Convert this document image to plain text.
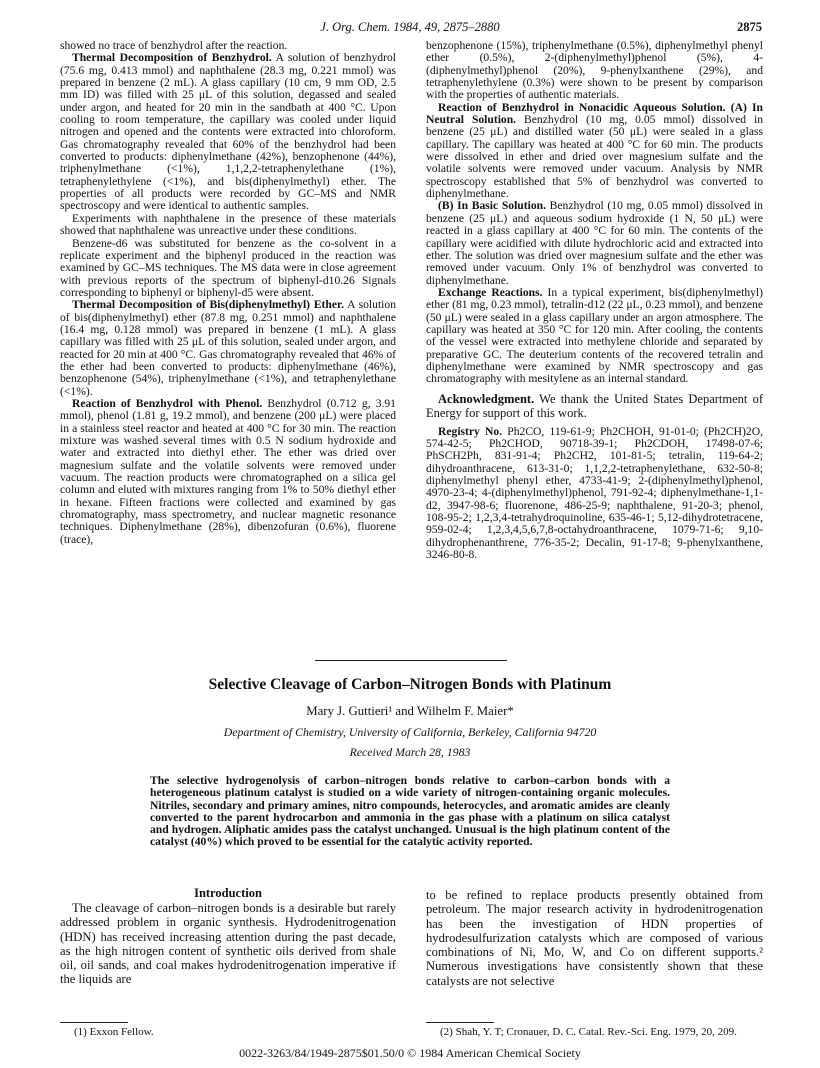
J. Org. Chem. 1984, 49, 2875–2880	2875

showed no trace of benzhydrol after the reaction.

Thermal Decomposition of Benzhydrol. A solution of benzhydrol (75.6 mg, 0.413 mmol) and naphthalene (28.3 mg, 0.221 mmol) was prepared in benzene (2 mL). A glass capillary (10 cm, 9 mm OD, 2.5 mm ID) was filled with 25 μL of this solution, degassed and sealed under argon, and heated for 20 min in the sandbath at 400 °C. Upon cooling to room temperature, the capillary was cooled under liquid nitrogen and opened and the contents were extracted into chloroform. Gas chromatography revealed that 60% of the benzhydrol had been converted to products: diphenylmethane (42%), benzophenone (44%), triphenylmethane (<1%), 1,1,2,2-tetraphenylethane (1%), tetraphenylethylene (<1%), and bis(diphenylmethyl) ether. The properties of all products were recorded by GC–MS and NMR spectroscopy and were identical to authentic samples.

Experiments with naphthalene in the presence of these materials showed that naphthalene was unreactive under these conditions.

Benzene-d6 was substituted for benzene as the co-solvent in a replicate experiment and the biphenyl produced in the reaction was examined by GC–MS techniques. The MS data were in close agreement with previous reports of the spectrum of biphenyl-d10.26 Signals corresponding to biphenyl or biphenyl-d5 were absent.

Thermal Decomposition of Bis(diphenylmethyl) Ether. A solution of bis(diphenylmethyl) ether (87.8 mg, 0.251 mmol) and naphthalene (16.4 mg, 0.128 mmol) was prepared in benzene (1 mL). A glass capillary was filled with 25 μL of this solution, sealed under argon, and reacted for 20 min at 400 °C. Gas chromatography revealed that 46% of the ether had been converted to products: diphenylmethane (46%), benzophenone (54%), triphenylmethane (<1%), and tetraphenylethane (<1%).

Reaction of Benzhydrol with Phenol. Benzhydrol (0.712 g, 3.91 mmol), phenol (1.81 g, 19.2 mmol), and benzene (200 μL) were placed in a stainless steel reactor and heated at 400 °C for 30 min. The reaction mixture was washed several times with 0.5 N sodium hydroxide and water and extracted into diethyl ether. The ether was dried over magnesium sulfate and the volatile solvents were removed under vacuum. The reaction products were chromatographed on a silica gel column and eluted with mixtures ranging from 1% to 50% diethyl ether in hexane. Fifteen fractions were collected and examined by gas chromatography, mass spectrometry, and nuclear magnetic resonance techniques. Diphenylmethane (28%), dibenzofuran (0.6%), fluorene (trace),

benzophenone (15%), triphenylmethane (0.5%), diphenylmethyl phenyl ether (0.5%), 2-(diphenylmethyl)phenol (5%), 4-(diphenylmethyl)phenol (20%), 9-phenylxanthene (29%), and tetraphenylethylene (0.3%) were shown to be present by comparison with the properties of authentic materials.

Reaction of Benzhydrol in Nonacidic Aqueous Solution. (A) In Neutral Solution. Benzhydrol (10 mg, 0.05 mmol) dissolved in benzene (25 μL) and distilled water (50 μL) were sealed in a glass capillary. The capillary was heated at 400 °C for 60 min. The products were dissolved in ether and dried over magnesium sulfate and the volatile solvents were removed under vacuum. Analysis by NMR spectroscopy established that 5% of benzhydrol was converted to diphenylmethane.

(B) In Basic Solution. Benzhydrol (10 mg, 0.05 mmol) dissolved in benzene (25 μL) and aqueous sodium hydroxide (1 N, 50 μL) were reacted in a glass capillary at 400 °C for 60 min. The contents of the capillary were acidified with dilute hydrochloric acid and extracted into ether. The solution was dried over magnesium sulfate and the ether was removed under vacuum. Only 1% of benzhydrol was converted to diphenylmethane.

Exchange Reactions. In a typical experiment, bis(diphenylmethyl) ether (81 mg, 0.23 mmol), tetralin-d12 (22 μL, 0.23 mmol), and benzene (50 μL) were sealed in a glass capillary under an argon atmosphere. The capillary was heated at 350 °C for 120 min. After cooling, the contents of the vessel were extracted into methylene chloride and separated by preparative GC. The deuterium contents of the recovered tetralin and diphenylmethane were examined by NMR spectroscopy and gas chromatography with mesitylene as an internal standard.

Acknowledgment. We thank the United States Department of Energy for support of this work.

Registry No. Ph2CO, 119-61-9; Ph2CHOH, 91-01-0; (Ph2CH)2O, 574-42-5; Ph2CHOD, 90718-39-1; Ph2CDOH, 17498-07-6; PhSCH2Ph, 831-91-4; Ph2CH2, 101-81-5; tetralin, 119-64-2; dihydroanthracene, 613-31-0; 1,1,2,2-tetraphenylethane, 632-50-8; diphenylmethyl phenyl ether, 4733-41-9; 2-(diphenylmethyl)phenol, 4970-23-4; 4-(diphenylmethyl)phenol, 791-92-4; diphenylmethane-1,1-d2, 3947-98-6; fluorenone, 486-25-9; naphthalene, 91-20-3; phenol, 108-95-2; 1,2,3,4-tetrahydroquinoline, 635-46-1; 5,12-dihydrotetracene, 959-02-4; 1,2,3,4,5,6,7,8-octahydroanthracene, 1079-71-6; 9,10-dihydrophenanthrene, 776-35-2; Decalin, 91-17-8; 9-phenylxanthene, 3246-80-8.

Selective Cleavage of Carbon–Nitrogen Bonds with Platinum
Mary J. Guttieri¹ and Wilhelm F. Maier*
Department of Chemistry, University of California, Berkeley, California 94720
Received March 28, 1983
The selective hydrogenolysis of carbon–nitrogen bonds relative to carbon–carbon bonds with a heterogeneous platinum catalyst is studied on a wide variety of nitrogen-containing organic molecules. Nitriles, secondary and primary amines, nitro compounds, heterocycles, and aromatic amides are cleanly converted to the parent hydrocarbon and ammonia in the gas phase with a platinum on silica catalyst and hydrogen. Aliphatic amides pass the catalyst unchanged. Unusual is the high platinum content of the catalyst (40%) which proved to be essential for the catalytic activity reported.
Introduction

The cleavage of carbon–nitrogen bonds is a desirable but rarely addressed problem in organic synthesis. Hydrodenitrogenation (HDN) has received increasing attention during the past decade, as the high nitrogen content of synthetic oils derived from shale oil, oil sands, and coal makes hydrodenitrogenation imperative if the liquids are

to be refined to replace products presently obtained from petroleum. The major research activity in hydrodenitrogenation has been the investigation of HDN properties of hydrodesulfurization catalysts which are composed of various combinations of Ni, Mo, W, and Co on different supports.² Numerous investigations have consistently shown that these catalysts are not selective

(1) Exxon Fellow.	(2) Shah, Y. T; Cronauer, D. C. Catal. Rev.-Sci. Eng. 1979, 20, 209.
0022-3263/84/1949-2875$01.50/0 © 1984 American Chemical Society
